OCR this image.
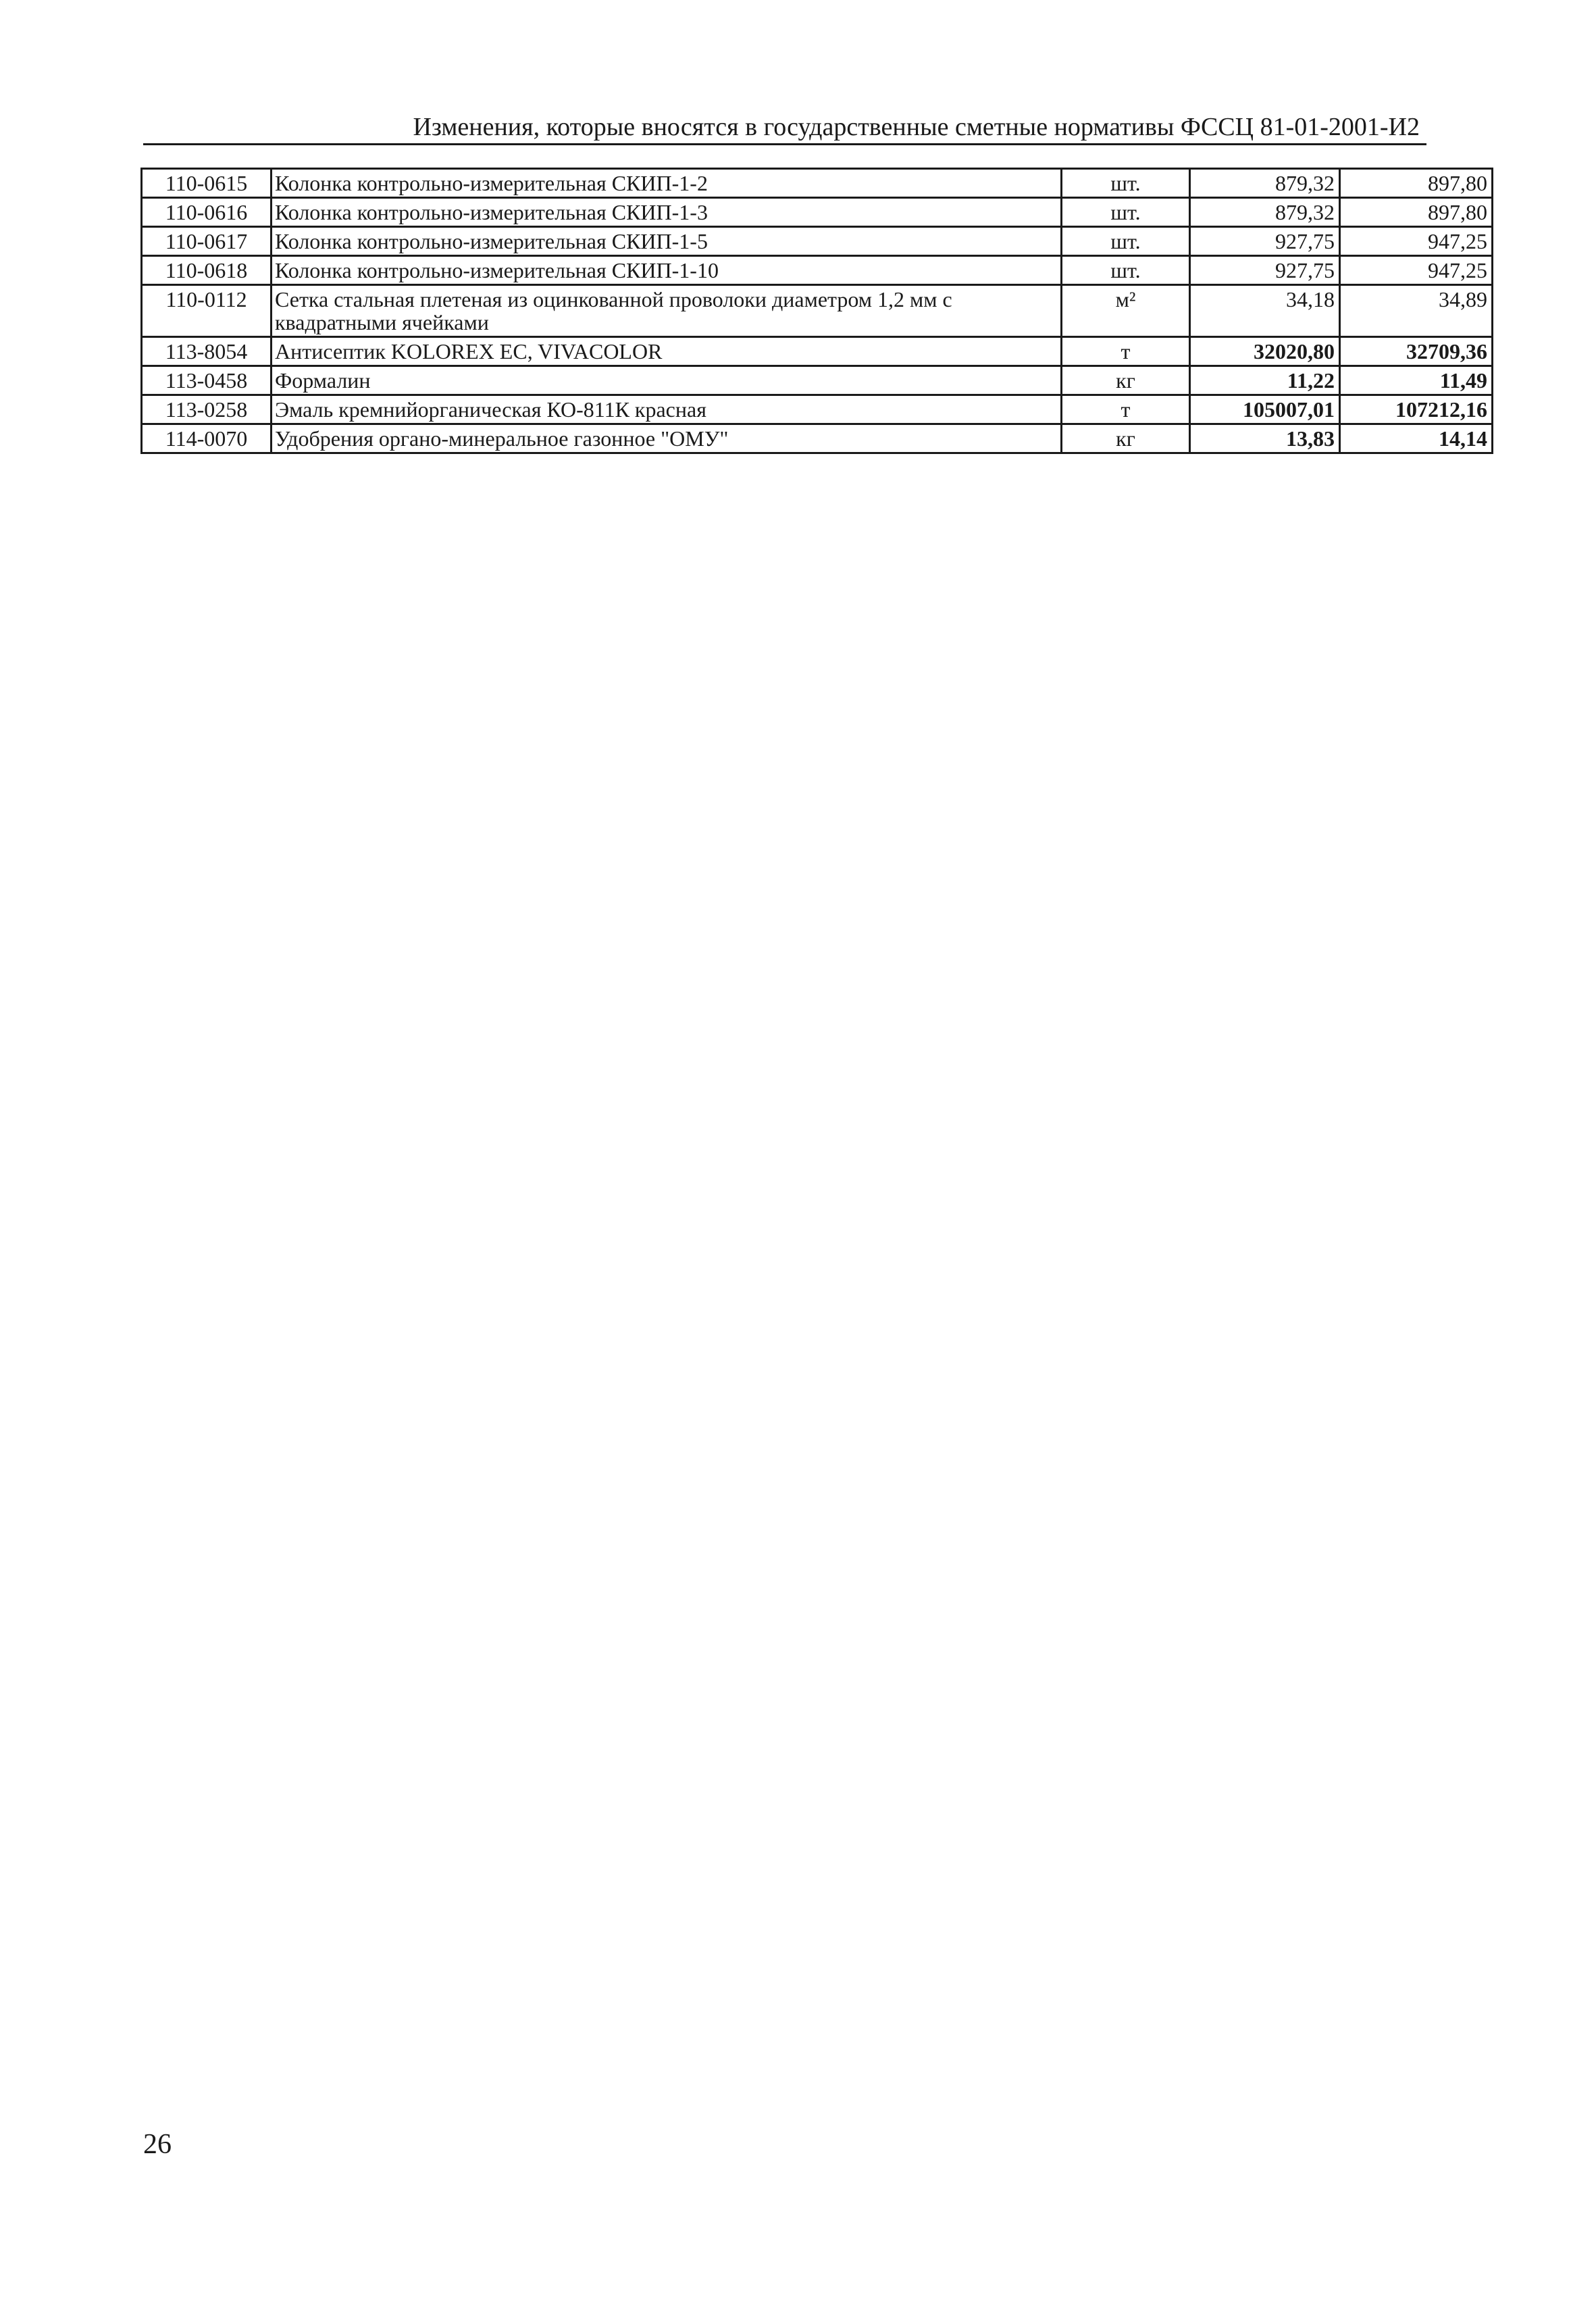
Изменения, которые вносятся в государственные сметные нормативы ФССЦ 81-01-2001-И2
110-0615	Колонка контрольно-измерительная СКИП-1-2	шт.	879,32	897,80
110-0616	Колонка контрольно-измерительная СКИП-1-3	шт.	879,32	897,80
110-0617	Колонка контрольно-измерительная СКИП-1-5	шт.	927,75	947,25
110-0618	Колонка контрольно-измерительная СКИП-1-10	шт.	927,75	947,25
110-0112	Сетка стальная плетеная из оцинкованной проволоки диаметром 1,2 мм с квадратными ячейками	м²	34,18	34,89
113-8054	Антисептик KOLOREX EC, VIVACOLOR	т	32020,80	32709,36
113-0458	Формалин	кг	11,22	11,49
113-0258	Эмаль кремнийорганическая КО-811К красная	т	105007,01	107212,16
114-0070	Удобрения органо-минеральное газонное "ОМУ"	кг	13,83	14,14
26
